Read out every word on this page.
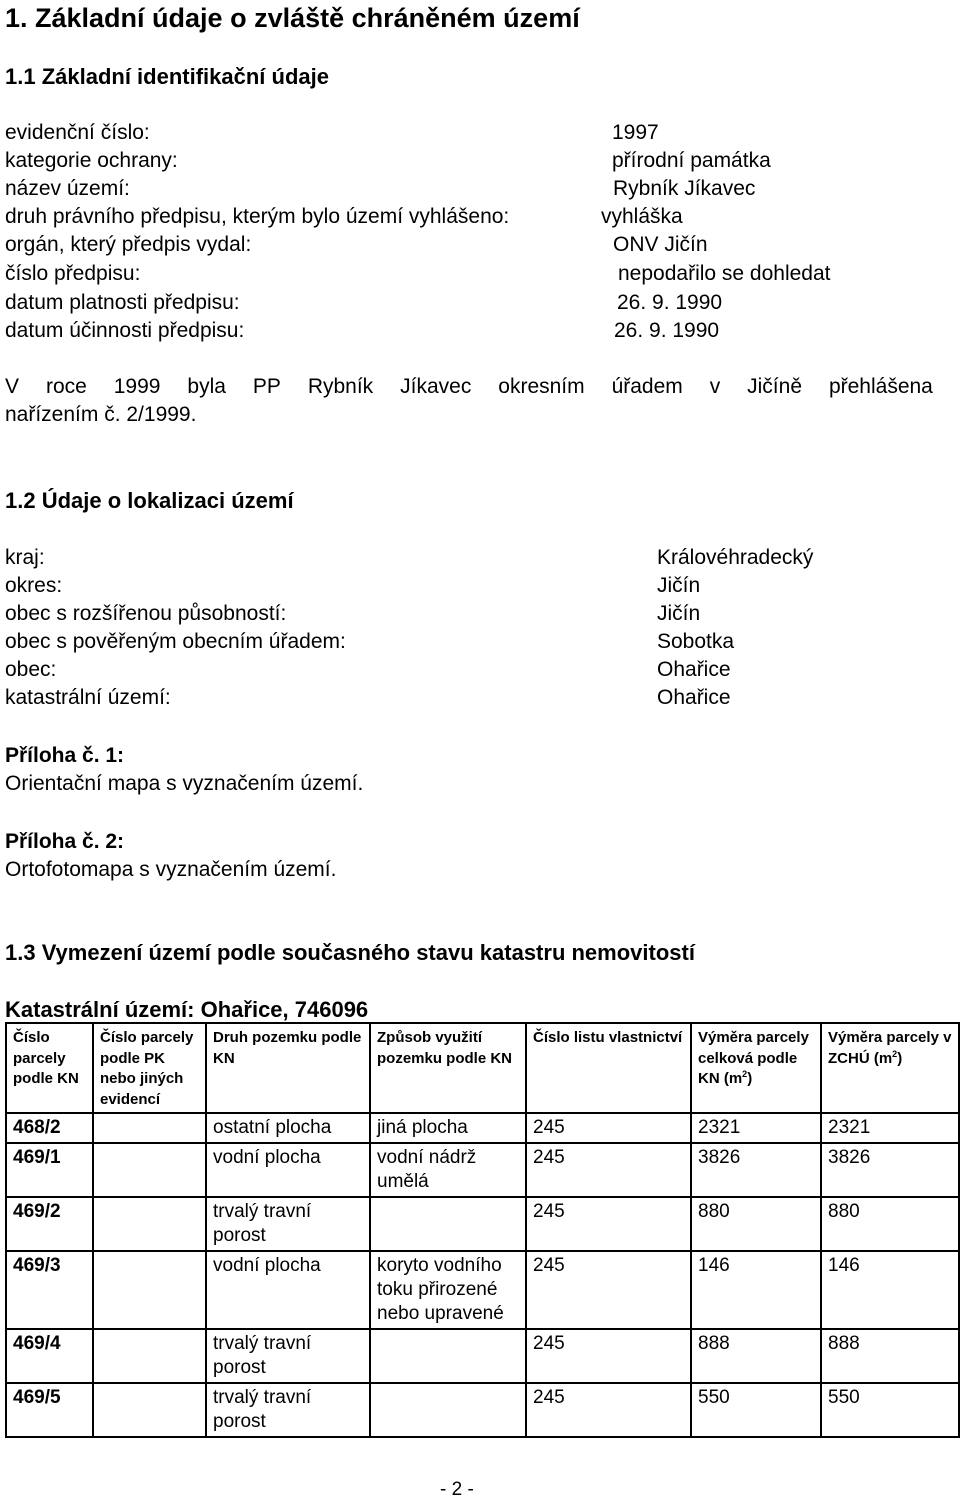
1. Základní údaje o zvláště chráněném území
1.1 Základní identifikační údaje
evidenční číslo:	1997
kategorie ochrany:	přírodní památka
název území:	Rybník Jíkavec
druh právního předpisu, kterým bylo území vyhlášeno:	vyhláška
orgán, který předpis vydal:	ONV Jičín
číslo předpisu:	nepodařilo se dohledat
datum platnosti předpisu:	26. 9. 1990
datum účinnosti předpisu:	26. 9. 1990
V roce 1999 byla PP Rybník Jíkavec okresním úřadem v Jičíně přehlášena
nařízením č. 2/1999.
1.2 Údaje o lokalizaci území
kraj:	Královéhradecký
okres:	Jičín
obec s rozšířenou působností:	Jičín
obec s pověřeným obecním úřadem:	Sobotka
obec:	Ohařice
katastrální území:	Ohařice
Příloha č. 1:
Orientační mapa s vyznačením území.
Příloha č. 2:
Ortofotomapa s vyznačením území.
1.3 Vymezení území podle současného stavu katastru nemovitostí
Katastrální území: Ohařice, 746096
Číslo parcely podle KN	Číslo parcely podle PK nebo jiných evidencí	Druh pozemku podle KN	Způsob využití pozemku podle KN	Číslo listu vlastnictví	Výměra parcely celková podle KN $(m^2)$	Výměra parcely v ZCHÚ $(m^2)$
468/2		ostatní plocha	jiná plocha	245	2321	2321
469/1		vodní plocha	vodní nádrž umělá	245	3826	3826
469/2		trvalý travní porost		245	880	880
469/3		vodní plocha	koryto vodního toku přirozené nebo upravené	245	146	146
469/4		trvalý travní porost		245	888	888
469/5		trvalý travní porost		245	550	550
- 2 -
